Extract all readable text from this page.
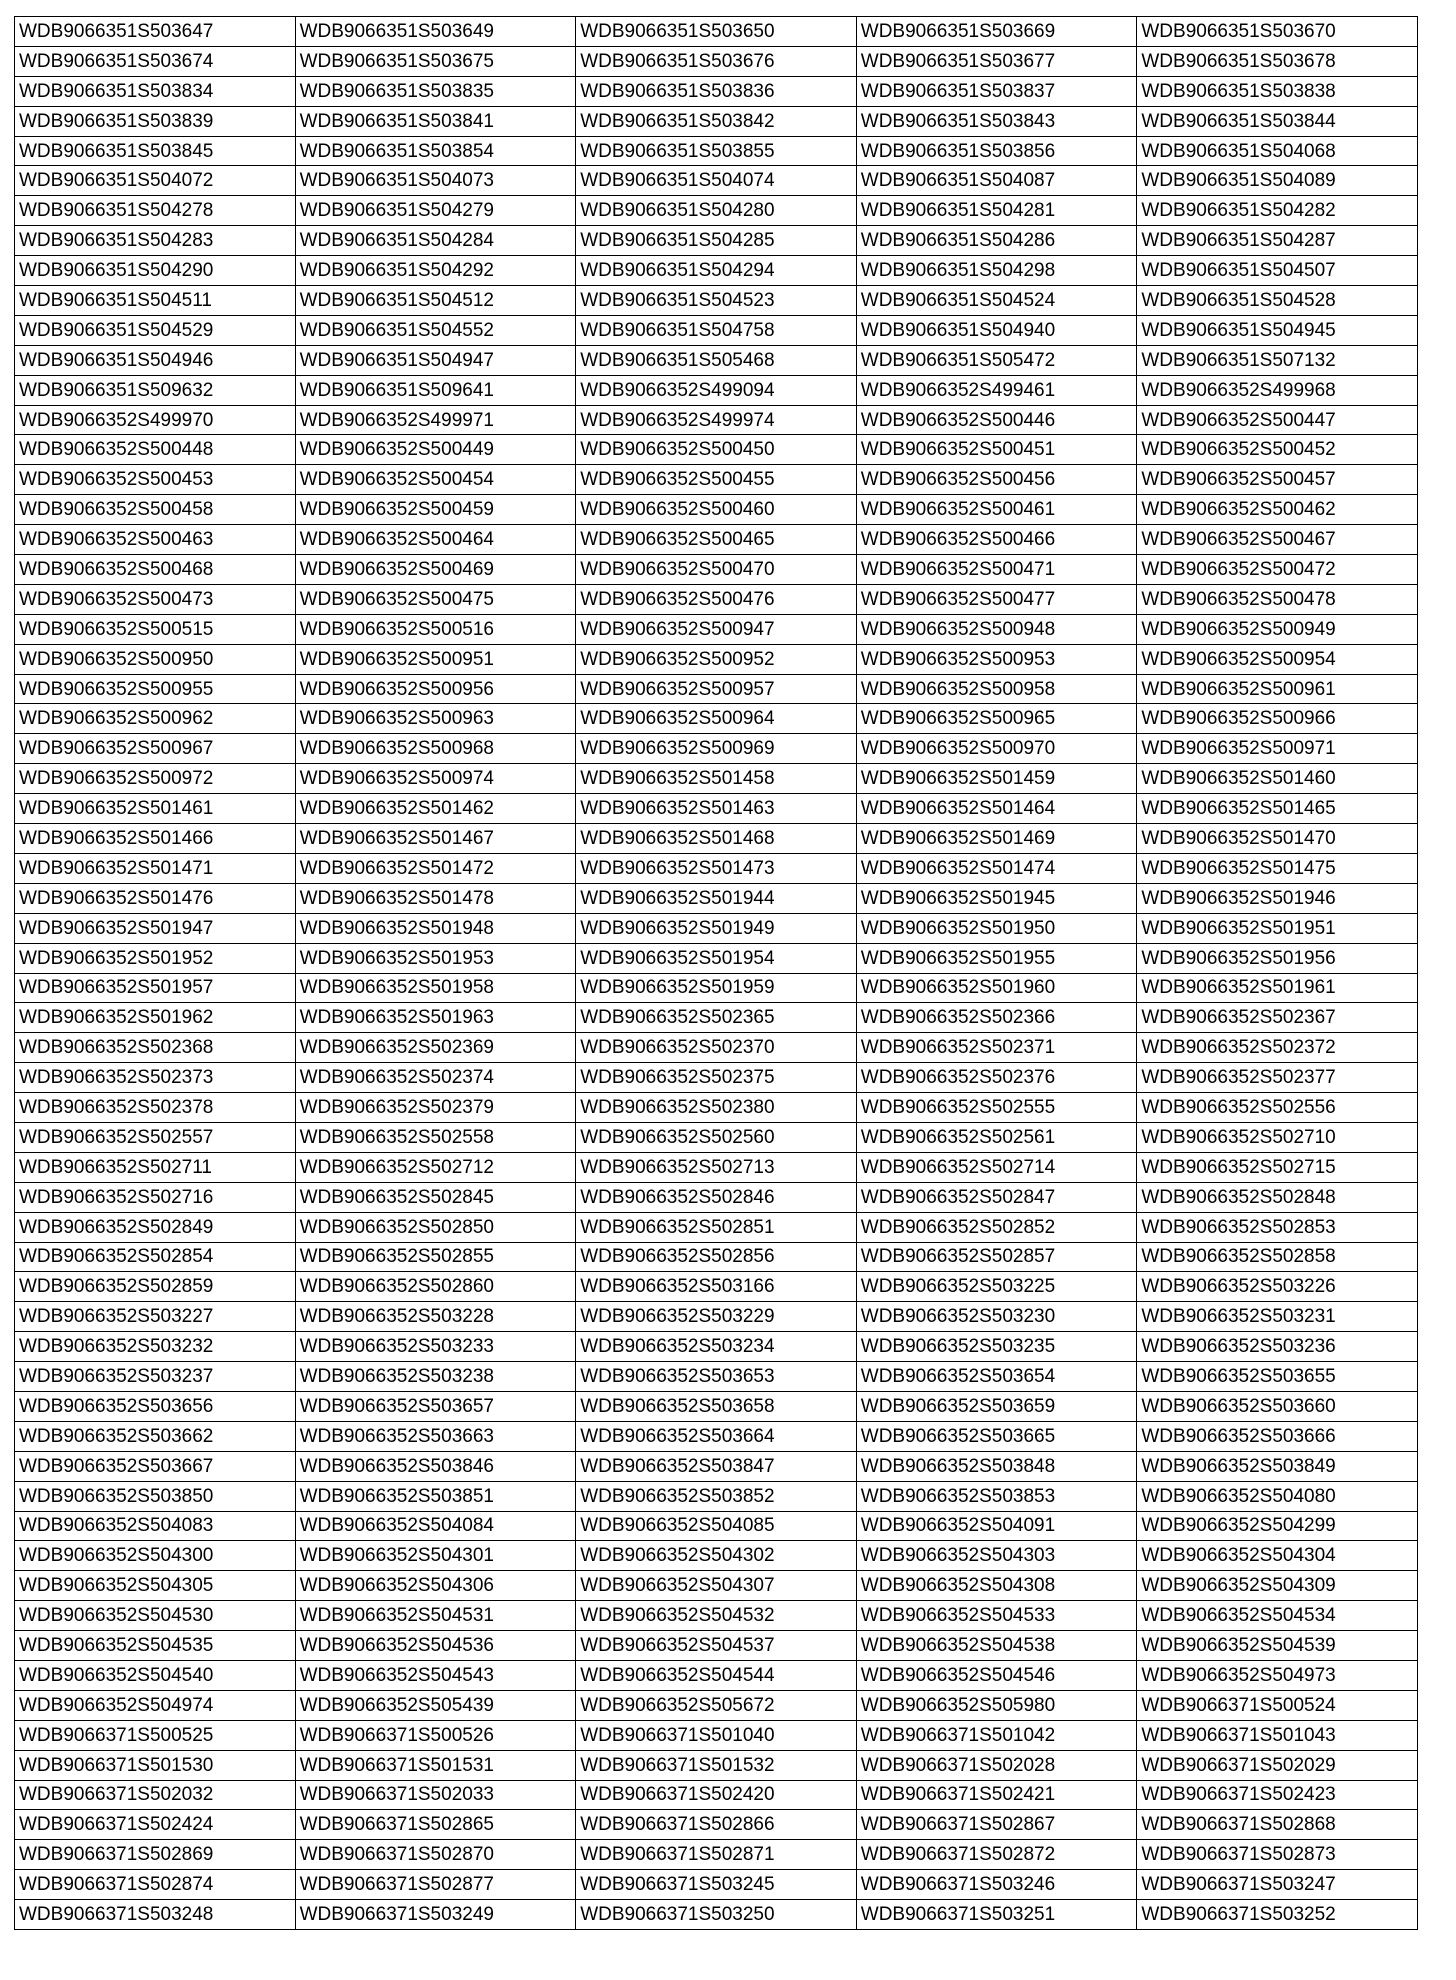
WDB9066351S503647	WDB9066351S503649	WDB9066351S503650	WDB9066351S503669	WDB9066351S503670
WDB9066351S503674	WDB9066351S503675	WDB9066351S503676	WDB9066351S503677	WDB9066351S503678
WDB9066351S503834	WDB9066351S503835	WDB9066351S503836	WDB9066351S503837	WDB9066351S503838
WDB9066351S503839	WDB9066351S503841	WDB9066351S503842	WDB9066351S503843	WDB9066351S503844
WDB9066351S503845	WDB9066351S503854	WDB9066351S503855	WDB9066351S503856	WDB9066351S504068
WDB9066351S504072	WDB9066351S504073	WDB9066351S504074	WDB9066351S504087	WDB9066351S504089
WDB9066351S504278	WDB9066351S504279	WDB9066351S504280	WDB9066351S504281	WDB9066351S504282
WDB9066351S504283	WDB9066351S504284	WDB9066351S504285	WDB9066351S504286	WDB9066351S504287
WDB9066351S504290	WDB9066351S504292	WDB9066351S504294	WDB9066351S504298	WDB9066351S504507
WDB9066351S504511	WDB9066351S504512	WDB9066351S504523	WDB9066351S504524	WDB9066351S504528
WDB9066351S504529	WDB9066351S504552	WDB9066351S504758	WDB9066351S504940	WDB9066351S504945
WDB9066351S504946	WDB9066351S504947	WDB9066351S505468	WDB9066351S505472	WDB9066351S507132
WDB9066351S509632	WDB9066351S509641	WDB9066352S499094	WDB9066352S499461	WDB9066352S499968
WDB9066352S499970	WDB9066352S499971	WDB9066352S499974	WDB9066352S500446	WDB9066352S500447
WDB9066352S500448	WDB9066352S500449	WDB9066352S500450	WDB9066352S500451	WDB9066352S500452
WDB9066352S500453	WDB9066352S500454	WDB9066352S500455	WDB9066352S500456	WDB9066352S500457
WDB9066352S500458	WDB9066352S500459	WDB9066352S500460	WDB9066352S500461	WDB9066352S500462
WDB9066352S500463	WDB9066352S500464	WDB9066352S500465	WDB9066352S500466	WDB9066352S500467
WDB9066352S500468	WDB9066352S500469	WDB9066352S500470	WDB9066352S500471	WDB9066352S500472
WDB9066352S500473	WDB9066352S500475	WDB9066352S500476	WDB9066352S500477	WDB9066352S500478
WDB9066352S500515	WDB9066352S500516	WDB9066352S500947	WDB9066352S500948	WDB9066352S500949
WDB9066352S500950	WDB9066352S500951	WDB9066352S500952	WDB9066352S500953	WDB9066352S500954
WDB9066352S500955	WDB9066352S500956	WDB9066352S500957	WDB9066352S500958	WDB9066352S500961
WDB9066352S500962	WDB9066352S500963	WDB9066352S500964	WDB9066352S500965	WDB9066352S500966
WDB9066352S500967	WDB9066352S500968	WDB9066352S500969	WDB9066352S500970	WDB9066352S500971
WDB9066352S500972	WDB9066352S500974	WDB9066352S501458	WDB9066352S501459	WDB9066352S501460
WDB9066352S501461	WDB9066352S501462	WDB9066352S501463	WDB9066352S501464	WDB9066352S501465
WDB9066352S501466	WDB9066352S501467	WDB9066352S501468	WDB9066352S501469	WDB9066352S501470
WDB9066352S501471	WDB9066352S501472	WDB9066352S501473	WDB9066352S501474	WDB9066352S501475
WDB9066352S501476	WDB9066352S501478	WDB9066352S501944	WDB9066352S501945	WDB9066352S501946
WDB9066352S501947	WDB9066352S501948	WDB9066352S501949	WDB9066352S501950	WDB9066352S501951
WDB9066352S501952	WDB9066352S501953	WDB9066352S501954	WDB9066352S501955	WDB9066352S501956
WDB9066352S501957	WDB9066352S501958	WDB9066352S501959	WDB9066352S501960	WDB9066352S501961
WDB9066352S501962	WDB9066352S501963	WDB9066352S502365	WDB9066352S502366	WDB9066352S502367
WDB9066352S502368	WDB9066352S502369	WDB9066352S502370	WDB9066352S502371	WDB9066352S502372
WDB9066352S502373	WDB9066352S502374	WDB9066352S502375	WDB9066352S502376	WDB9066352S502377
WDB9066352S502378	WDB9066352S502379	WDB9066352S502380	WDB9066352S502555	WDB9066352S502556
WDB9066352S502557	WDB9066352S502558	WDB9066352S502560	WDB9066352S502561	WDB9066352S502710
WDB9066352S502711	WDB9066352S502712	WDB9066352S502713	WDB9066352S502714	WDB9066352S502715
WDB9066352S502716	WDB9066352S502845	WDB9066352S502846	WDB9066352S502847	WDB9066352S502848
WDB9066352S502849	WDB9066352S502850	WDB9066352S502851	WDB9066352S502852	WDB9066352S502853
WDB9066352S502854	WDB9066352S502855	WDB9066352S502856	WDB9066352S502857	WDB9066352S502858
WDB9066352S502859	WDB9066352S502860	WDB9066352S503166	WDB9066352S503225	WDB9066352S503226
WDB9066352S503227	WDB9066352S503228	WDB9066352S503229	WDB9066352S503230	WDB9066352S503231
WDB9066352S503232	WDB9066352S503233	WDB9066352S503234	WDB9066352S503235	WDB9066352S503236
WDB9066352S503237	WDB9066352S503238	WDB9066352S503653	WDB9066352S503654	WDB9066352S503655
WDB9066352S503656	WDB9066352S503657	WDB9066352S503658	WDB9066352S503659	WDB9066352S503660
WDB9066352S503662	WDB9066352S503663	WDB9066352S503664	WDB9066352S503665	WDB9066352S503666
WDB9066352S503667	WDB9066352S503846	WDB9066352S503847	WDB9066352S503848	WDB9066352S503849
WDB9066352S503850	WDB9066352S503851	WDB9066352S503852	WDB9066352S503853	WDB9066352S504080
WDB9066352S504083	WDB9066352S504084	WDB9066352S504085	WDB9066352S504091	WDB9066352S504299
WDB9066352S504300	WDB9066352S504301	WDB9066352S504302	WDB9066352S504303	WDB9066352S504304
WDB9066352S504305	WDB9066352S504306	WDB9066352S504307	WDB9066352S504308	WDB9066352S504309
WDB9066352S504530	WDB9066352S504531	WDB9066352S504532	WDB9066352S504533	WDB9066352S504534
WDB9066352S504535	WDB9066352S504536	WDB9066352S504537	WDB9066352S504538	WDB9066352S504539
WDB9066352S504540	WDB9066352S504543	WDB9066352S504544	WDB9066352S504546	WDB9066352S504973
WDB9066352S504974	WDB9066352S505439	WDB9066352S505672	WDB9066352S505980	WDB9066371S500524
WDB9066371S500525	WDB9066371S500526	WDB9066371S501040	WDB9066371S501042	WDB9066371S501043
WDB9066371S501530	WDB9066371S501531	WDB9066371S501532	WDB9066371S502028	WDB9066371S502029
WDB9066371S502032	WDB9066371S502033	WDB9066371S502420	WDB9066371S502421	WDB9066371S502423
WDB9066371S502424	WDB9066371S502865	WDB9066371S502866	WDB9066371S502867	WDB9066371S502868
WDB9066371S502869	WDB9066371S502870	WDB9066371S502871	WDB9066371S502872	WDB9066371S502873
WDB9066371S502874	WDB9066371S502877	WDB9066371S503245	WDB9066371S503246	WDB9066371S503247
WDB9066371S503248	WDB9066371S503249	WDB9066371S503250	WDB9066371S503251	WDB9066371S503252
